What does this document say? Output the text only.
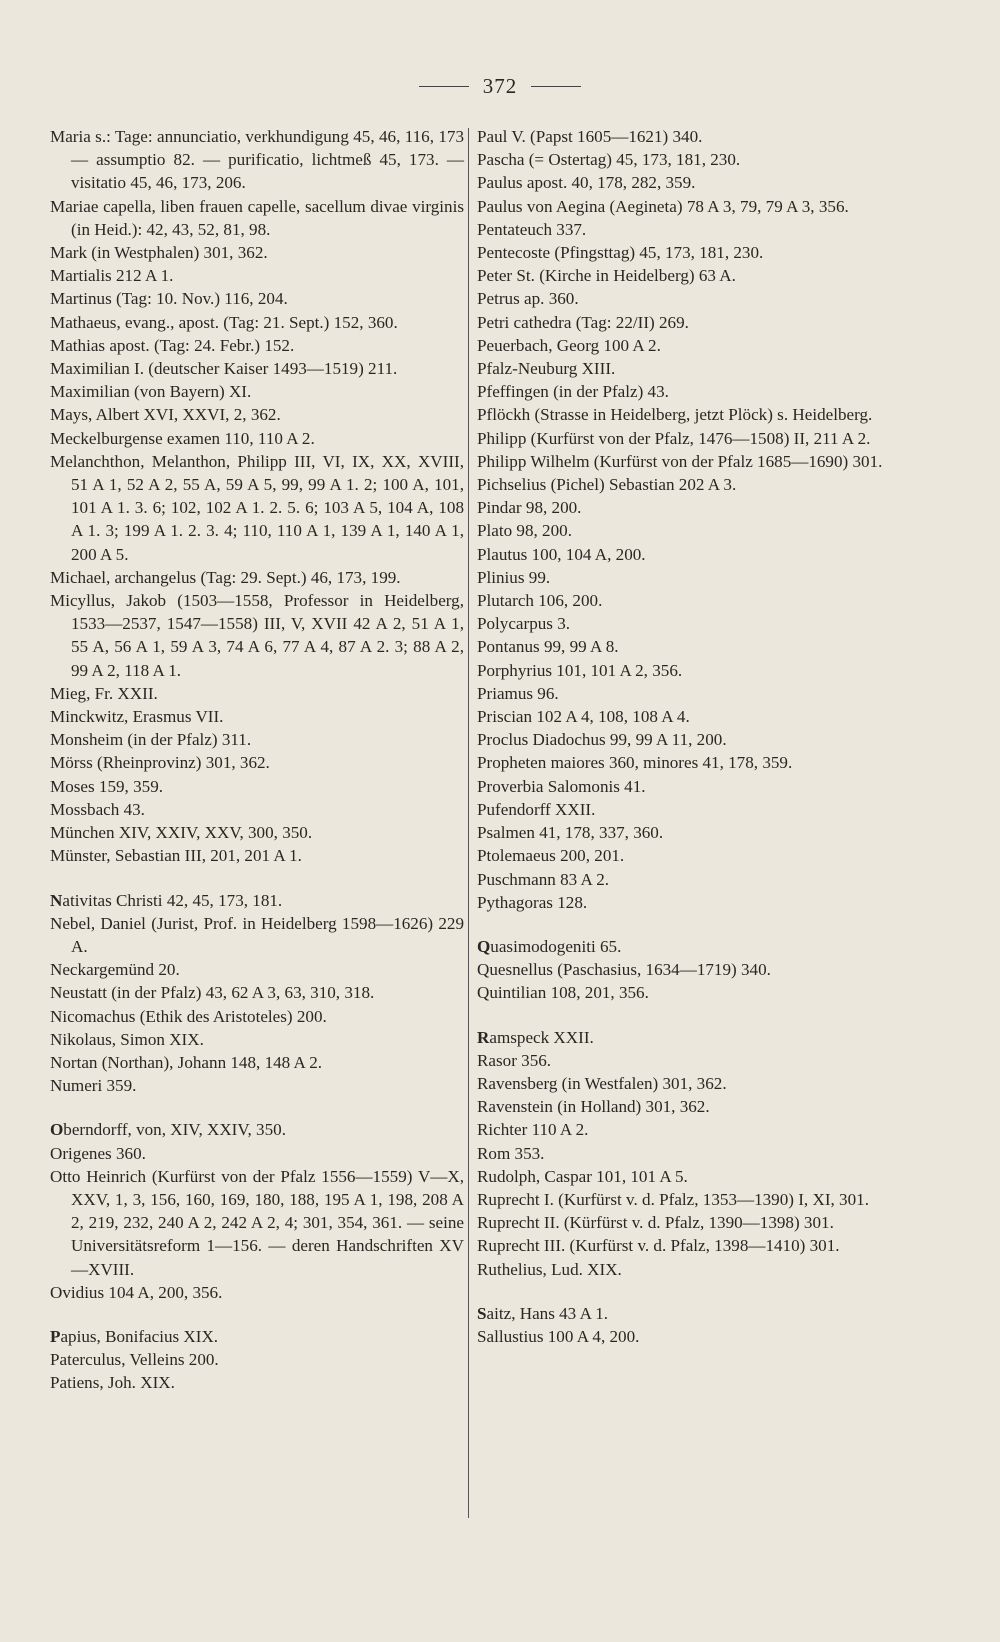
372
Maria s.: Tage: annunciatio, verkhundigung 45, 46, 116, 173 — assumptio 82. — purificatio, lichtmeß 45, 173. — visitatio 45, 46, 173, 206.
Mariae capella, liben frauen capelle, sacellum divae virginis (in Heid.): 42, 43, 52, 81, 98.
Mark (in Westphalen) 301, 362.
Martialis 212 A 1.
Martinus (Tag: 10. Nov.) 116, 204.
Mathaeus, evang., apost. (Tag: 21. Sept.) 152, 360.
Mathias apost. (Tag: 24. Febr.) 152.
Maximilian I. (deutscher Kaiser 1493—1519) 211.
Maximilian (von Bayern) XI.
Mays, Albert XVI, XXVI, 2, 362.
Meckelburgense examen 110, 110 A 2.
Melanchthon, Melanthon, Philipp III, VI, IX, XX, XVIII, 51 A 1, 52 A 2, 55 A, 59 A 5, 99, 99 A 1. 2; 100 A, 101, 101 A 1. 3. 6; 102, 102 A 1. 2. 5. 6; 103 A 5, 104 A, 108 A 1. 3; 199 A 1. 2. 3. 4; 110, 110 A 1, 139 A 1, 140 A 1, 200 A 5.
Michael, archangelus (Tag: 29. Sept.) 46, 173, 199.
Micyllus, Jakob (1503—1558, Professor in Heidelberg, 1533—2537, 1547—1558) III, V, XVII 42 A 2, 51 A 1, 55 A, 56 A 1, 59 A 3, 74 A 6, 77 A 4, 87 A 2. 3; 88 A 2, 99 A 2, 118 A 1.
Mieg, Fr. XXII.
Minckwitz, Erasmus VII.
Monsheim (in der Pfalz) 311.
Mörss (Rheinprovinz) 301, 362.
Moses 159, 359.
Mossbach 43.
München XIV, XXIV, XXV, 300, 350.
Münster, Sebastian III, 201, 201 A 1.
Nativitas Christi 42, 45, 173, 181.
Nebel, Daniel (Jurist, Prof. in Heidelberg 1598—1626) 229 A.
Neckargemünd 20.
Neustatt (in der Pfalz) 43, 62 A 3, 63, 310, 318.
Nicomachus (Ethik des Aristoteles) 200.
Nikolaus, Simon XIX.
Nortan (Northan), Johann 148, 148 A 2.
Numeri 359.
Oberndorff, von, XIV, XXIV, 350.
Origenes 360.
Otto Heinrich (Kurfürst von der Pfalz 1556—1559) V—X, XXV, 1, 3, 156, 160, 169, 180, 188, 195 A 1, 198, 208 A 2, 219, 232, 240 A 2, 242 A 2, 4; 301, 354, 361. — seine Universitätsreform 1—156. — deren Handschriften XV—XVIII.
Ovidius 104 A, 200, 356.
Papius, Bonifacius XIX.
Paterculus, Velleins 200.
Patiens, Joh. XIX.
Paul V. (Papst 1605—1621) 340.
Pascha (= Ostertag) 45, 173, 181, 230.
Paulus apost. 40, 178, 282, 359.
Paulus von Aegina (Aegineta) 78 A 3, 79, 79 A 3, 356.
Pentateuch 337.
Pentecoste (Pfingsttag) 45, 173, 181, 230.
Peter St. (Kirche in Heidelberg) 63 A.
Petrus ap. 360.
Petri cathedra (Tag: 22/II) 269.
Peuerbach, Georg 100 A 2.
Pfalz-Neuburg XIII.
Pfeffingen (in der Pfalz) 43.
Pflöckh (Strasse in Heidelberg, jetzt Plöck) s. Heidelberg.
Philipp (Kurfürst von der Pfalz, 1476—1508) II, 211 A 2.
Philipp Wilhelm (Kurfürst von der Pfalz 1685—1690) 301.
Pichselius (Pichel) Sebastian 202 A 3.
Pindar 98, 200.
Plato 98, 200.
Plautus 100, 104 A, 200.
Plinius 99.
Plutarch 106, 200.
Polycarpus 3.
Pontanus 99, 99 A 8.
Porphyrius 101, 101 A 2, 356.
Priamus 96.
Priscian 102 A 4, 108, 108 A 4.
Proclus Diadochus 99, 99 A 11, 200.
Propheten maiores 360, minores 41, 178, 359.
Proverbia Salomonis 41.
Pufendorff XXII.
Psalmen 41, 178, 337, 360.
Ptolemaeus 200, 201.
Puschmann 83 A 2.
Pythagoras 128.
Quasimodogeniti 65.
Quesnellus (Paschasius, 1634—1719) 340.
Quintilian 108, 201, 356.
Ramspeck XXII.
Rasor 356.
Ravensberg (in Westfalen) 301, 362.
Ravenstein (in Holland) 301, 362.
Richter 110 A 2.
Rom 353.
Rudolph, Caspar 101, 101 A 5.
Ruprecht I. (Kurfürst v. d. Pfalz, 1353—1390) I, XI, 301.
Ruprecht II. (Kürfürst v. d. Pfalz, 1390—1398) 301.
Ruprecht III. (Kurfürst v. d. Pfalz, 1398—1410) 301.
Ruthelius, Lud. XIX.
Saitz, Hans 43 A 1.
Sallustius 100 A 4, 200.
